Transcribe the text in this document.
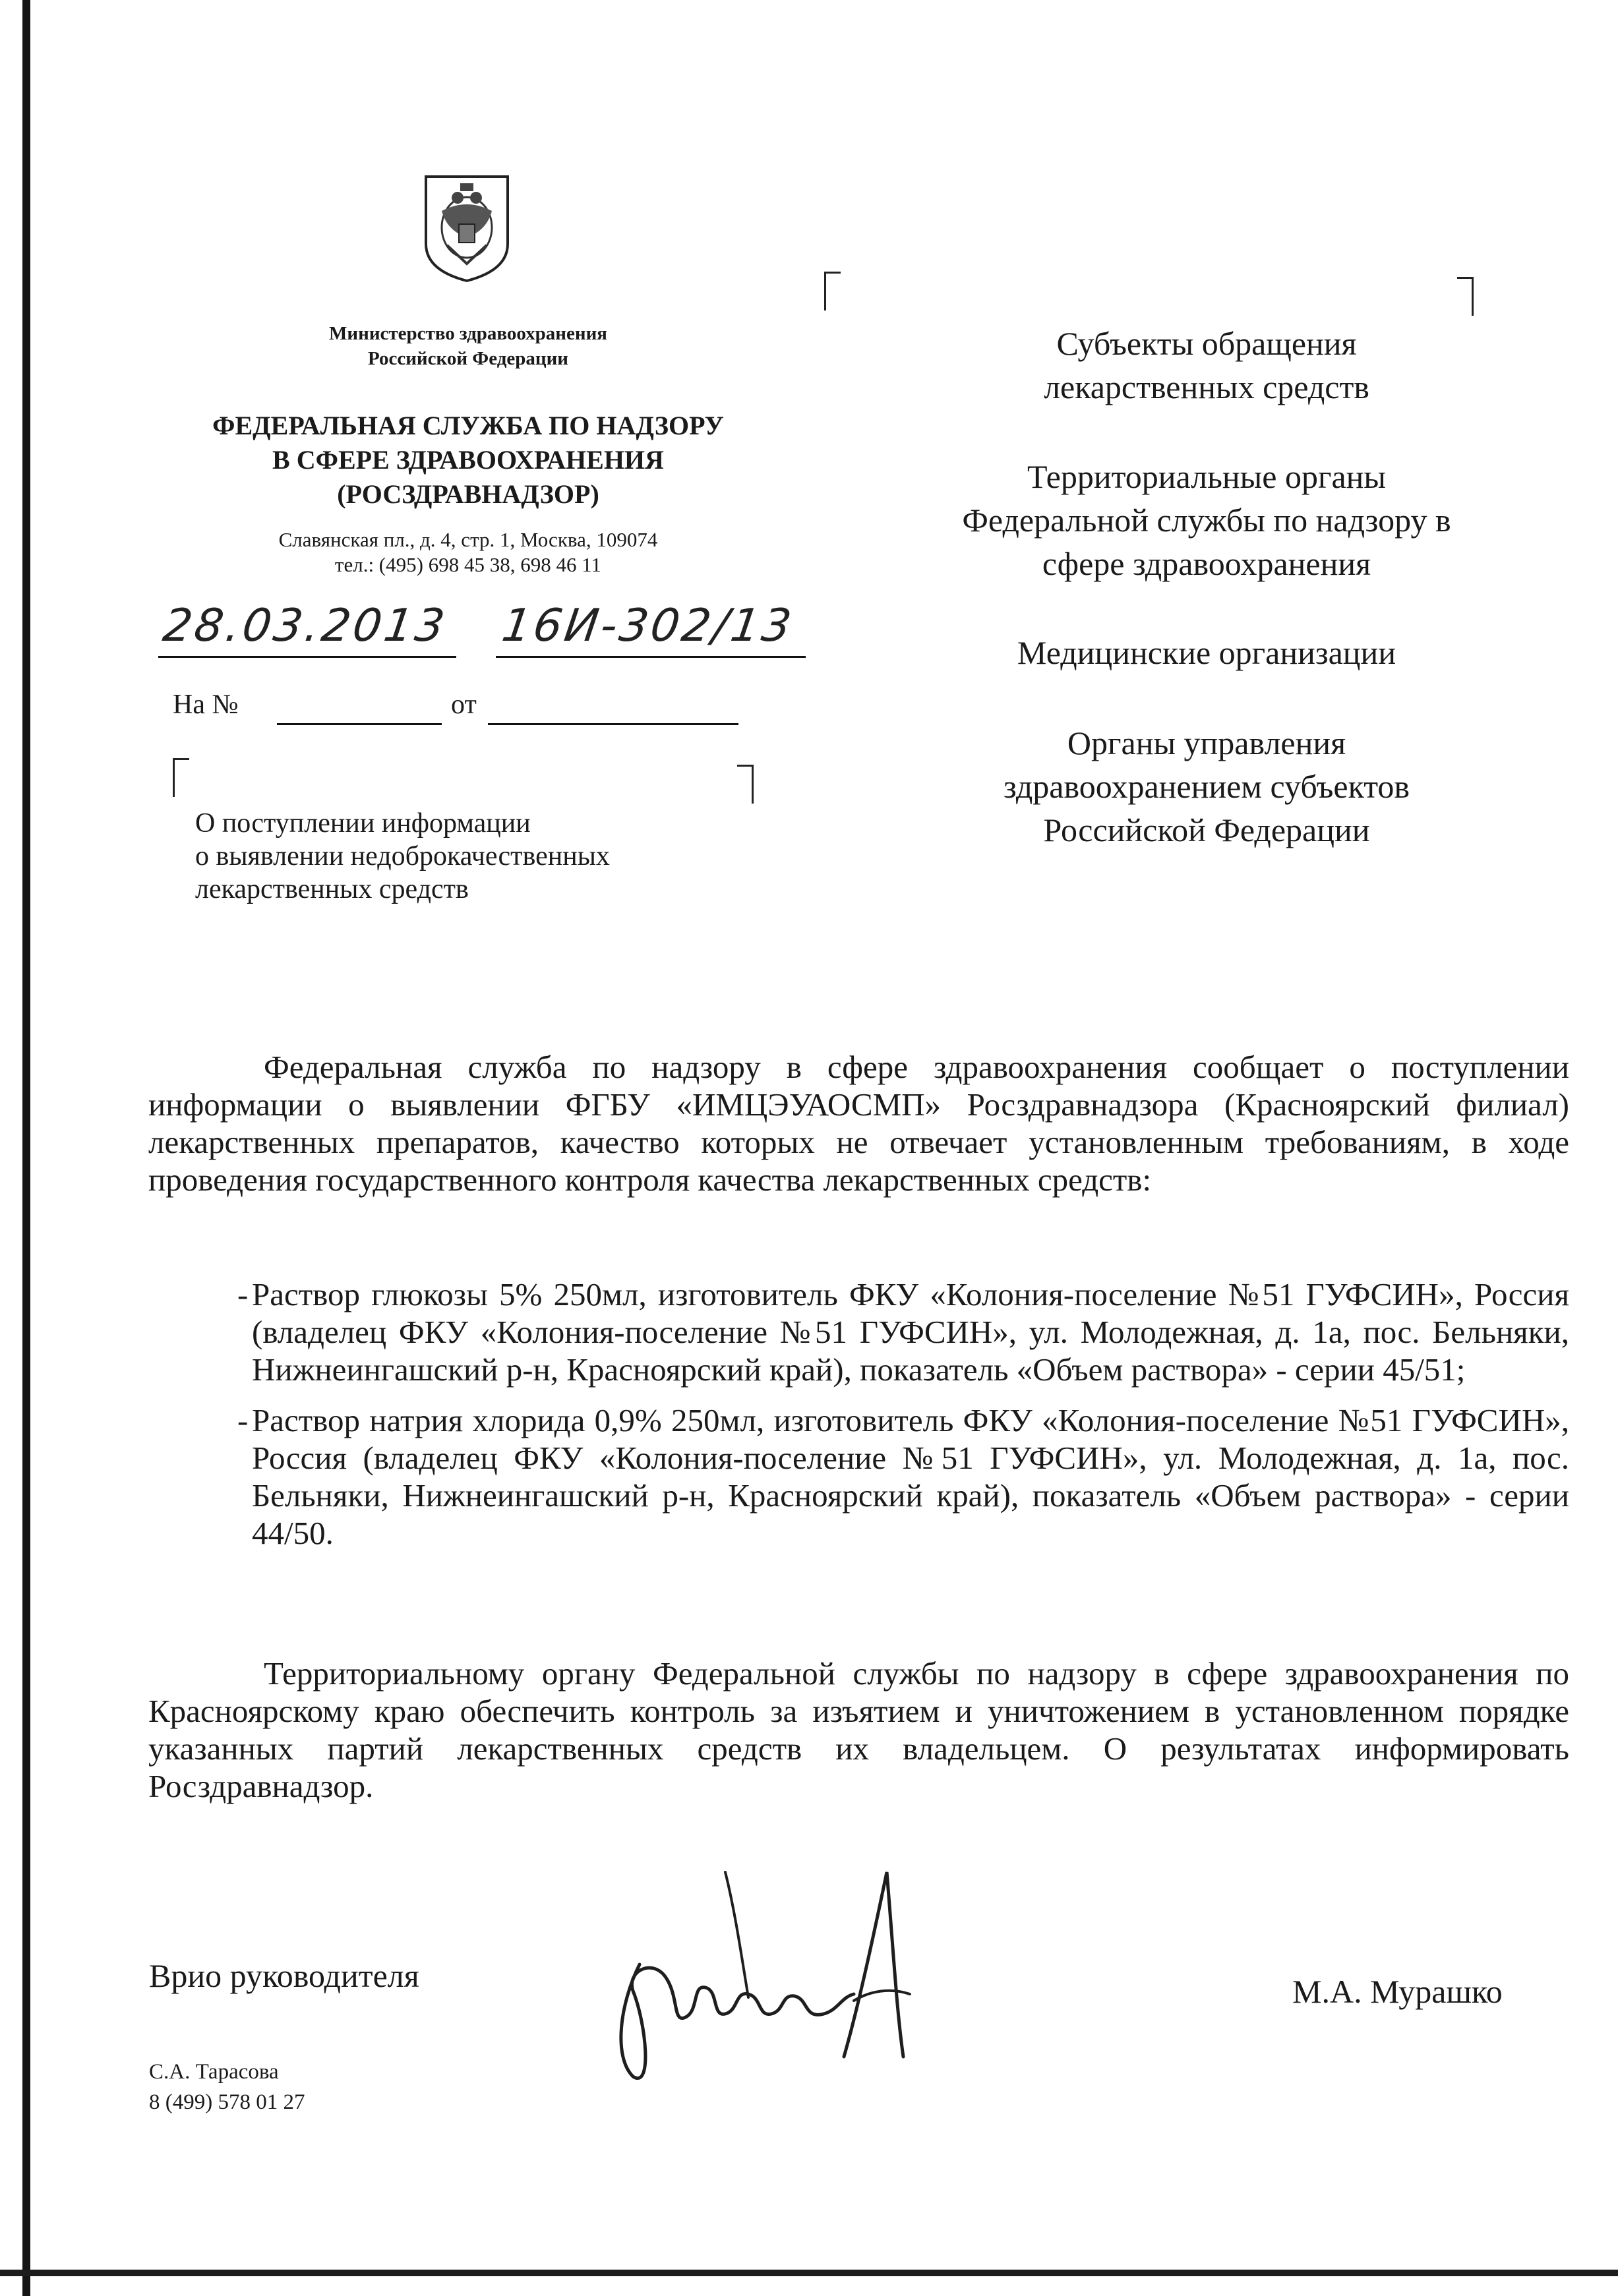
Министерство здравоохранения
Российской Федерации
ФЕДЕРАЛЬНАЯ СЛУЖБА ПО НАДЗОРУ
В СФЕРЕ ЗДРАВООХРАНЕНИЯ
(РОСЗДРАВНАДЗОР)
Славянская пл., д. 4, стр. 1, Москва, 109074
тел.: (495) 698 45 38, 698 46 11
28.03.2013 16И-302/13
На №	от
О поступлении информации
о выявлении недоброкачественных
лекарственных средств
Субъекты обращения
лекарственных средств
Территориальные органы
Федеральной службы по надзору в
сфере здравоохранения
Медицинские организации
Органы управления
здравоохранением субъектов
Российской Федерации

Федеральная служба по надзору в сфере здравоохранения сообщает о поступлении информации о выявлении ФГБУ «ИМЦЭУАОСМП» Росздравнадзора (Красноярский филиал) лекарственных препаратов, качество которых не отвечает установленным требованиям, в ходе проведения государственного контроля качества лекарственных средств:

- Раствор глюкозы 5% 250мл, изготовитель ФКУ «Колония-поселение №51 ГУФСИН», Россия (владелец ФКУ «Колония-поселение №51 ГУФСИН», ул. Молодежная, д. 1а, пос. Бельняки, Нижнеингашский р-н, Красноярский край), показатель «Объем раствора» - серии 45/51;

- Раствор натрия хлорида 0,9% 250мл, изготовитель ФКУ «Колония-поселение №51 ГУФСИН», Россия (владелец ФКУ «Колония-поселение №51 ГУФСИН», ул. Молодежная, д. 1а, пос. Бельняки, Нижнеингашский р-н, Красноярский край), показатель «Объем раствора» - серии 44/50.

Территориальному органу Федеральной службы по надзору в сфере здравоохранения по Красноярскому краю обеспечить контроль за изъятием и уничтожением в установленном порядке указанных партий лекарственных средств их владельцем. О результатах информировать Росздравнадзор.

Врио руководителя	М.А. Мурашко
С.А. Тарасова
8 (499) 578 01 27
